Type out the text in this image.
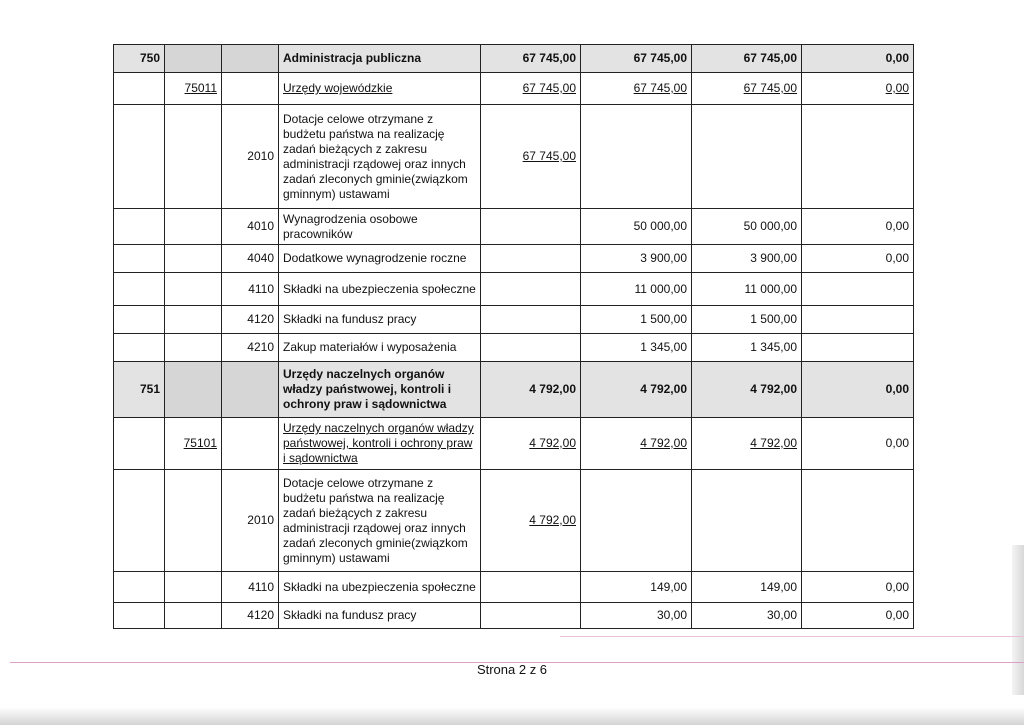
750			Administracja publiczna	67 745,00	67 745,00	67 745,00	0,00
	75011		Urzędy wojewódzkie	67 745,00	67 745,00	67 745,00	0,00
		2010	Dotacje celowe otrzymane z budżetu państwa na realizację zadań bieżących z zakresu administracji rządowej oraz innych zadań zleconych gminie(związkom gminnym) ustawami	67 745,00			
		4010	Wynagrodzenia osobowe pracowników		50 000,00	50 000,00	0,00
		4040	Dodatkowe wynagrodzenie roczne		3 900,00	3 900,00	0,00
		4110	Składki na ubezpieczenia społeczne		11 000,00	11 000,00	
		4120	Składki na fundusz pracy		1 500,00	1 500,00	
		4210	Zakup materiałów i wyposażenia		1 345,00	1 345,00	
751			Urzędy naczelnych organów władzy państwowej, kontroli i ochrony praw i sądownictwa	4 792,00	4 792,00	4 792,00	0,00
	75101		Urzędy naczelnych organów władzy państwowej, kontroli i ochrony praw i sądownictwa	4 792,00	4 792,00	4 792,00	0,00
		2010	Dotacje celowe otrzymane z budżetu państwa na realizację zadań bieżących z zakresu administracji rządowej oraz innych zadań zleconych gminie(związkom gminnym) ustawami	4 792,00			
		4110	Składki na ubezpieczenia społeczne		149,00	149,00	0,00
		4120	Składki na fundusz pracy		30,00	30,00	0,00
Strona 2 z 6
